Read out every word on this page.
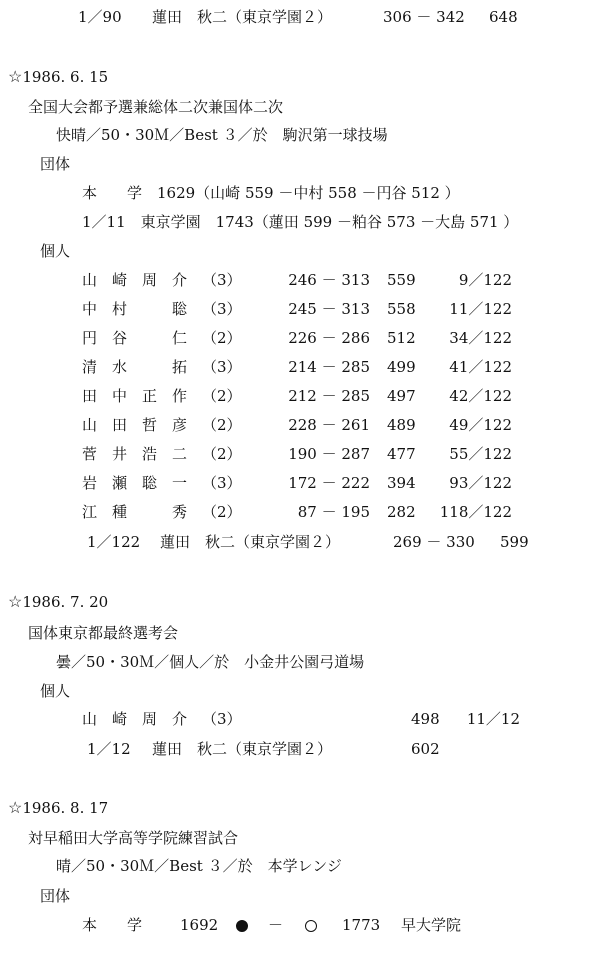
1／90 蓮田　秋二（東京学園２）	306 － 342 648
☆1986. 6. 15
全国大会都予選兼総体二次兼国体二次
快晴／50・30Ｍ／Best ３／於　駒沢第一球技場
団体
本　　学　1629（山崎 559 －中村 558 －円谷 512 ）
1／11　東京学園　1743（蓮田 599 －粕谷 573 －大島 571 ）
個人
山　崎　周　介 （3）	246 － 313 559	9／122
中　村　　　聡 （3）	245 － 313 558	11／122
円　谷　　　仁 （2）	226 － 286 512	34／122
清　水　　　拓 （3）	214 － 285 499	41／122
田　中　正　作 （2）	212 － 285 497	42／122
山　田　哲　彦 （2）	228 － 261 489	49／122
菅　井　浩　二 （2）	190 － 287 477	55／122
岩　瀬　聡　一 （3）	172 － 222 394	93／122
江　種　　　秀 （2）	87 － 195 282	118／122
1／122 蓮田　秋二（東京学園２）	269 － 330 599
☆1986. 7. 20
国体東京都最終選考会
曇／50・30Ｍ／個人／於　小金井公園弓道場
個人
山　崎　周　介 （3）	498	11／12
1／12 蓮田　秋二（東京学園２）	602
☆1986. 8. 17
対早稲田大学高等学院練習試合
晴／50・30Ｍ／Best ３／於　本学レンジ
団体
本　　学	1692	－	1773 早大学院
